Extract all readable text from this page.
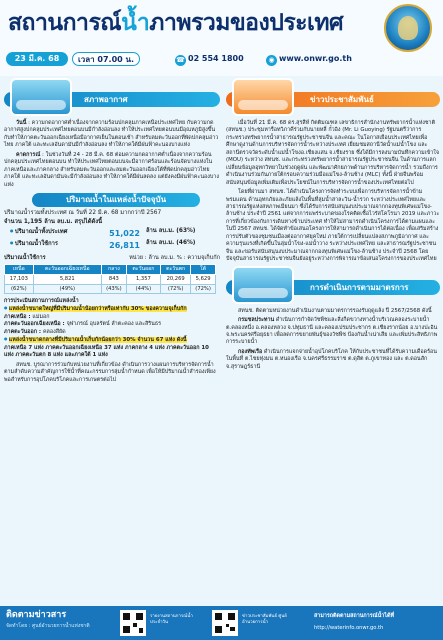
สถานการณ์น้ำภาพรวมของประเทศ
23 มี.ค. 68	เวลา 07.00 น.	☎ 02 554 1800	◉ www.onwr.go.th
สภาพอากาศ

วันนี้ : ความกดอากาศต่ำเนื่องจากความร้อนปกคลุมภาคเหนือประเทศไทย กับความกดอากาศสูงปกคลุมประเทศไทยตอนบนมีกำลังอ่อนลง ทำให้ประเทศไทยตอนบนมีอุณหภูมิสูงขึ้น กับทำให้ภาคตะวันออกเฉียงเหนือมีอากาศเย็นในตอนเช้า สำหรับลมตะวันออกที่พัดปกคลุมอ่าวไทย ภาคใต้ และทะเลอันดามันมีกำลังอ่อนลง ทำให้ภาคใต้มีฝนฟ้าคะนองบางแห่ง

คาดการณ์ : ในช่วงวันที่ 24 - 28 มี.ค. 68 ต่อมความกดอากาศต่ำเนื่องจากความร้อนปกคลุมประเทศไทยตอนบน ทำให้ประเทศไทยตอนบนจะมีอากาศร้อนและร้อนจัดบางแห่งในภาคเหนือและภาคกลาง สำหรับลมตะวันออกและลมตะวันออกเฉียงใต้ที่พัดปกคลุมอ่าวไทย ภาคใต้ และทะเลอันดามันจะมีกำลังอ่อนลง ทำให้ภาคใต้มีฝนลดลง แต่ยังคงมีฝนฟ้าคะนองบางแห่ง

ปริมาณน้ำในแหล่งน้ำปัจจุบัน
ปริมาณน้ำรวมทั้งประเทศ ณ วันที่ 22 มี.ค. 68 มากกว่าปี 2567
จำนวน 1,195 ล้าน ลบ.ม. สรุปได้ดังนี้
● ปริมาณน้ำทั้งประเทศ	51,022	ล้าน ลบ.ม. (63%)
● ปริมาณน้ำใช้การ	26,811	ล้าน ลบ.ม. (46%)
ปริมาณน้ำใช้การ	หน่วย : ล้าน ลบ.ม. % : ความจุเก็บกัก
เหนือ	ตะวันออกเฉียงเหนือ	กลาง	ตะวันออก	ตะวันตก	ใต้
17,103	5,821	843	1,357	20,269	5,629
(62%)	(49%)	(43%)	(44%)	(72%)	(72%)
การประเมินสถานการณ์แหล่งน้ำ
● แหล่งน้ำขนาดใหญ่ที่มีปริมาณน้ำน้อยกว่าหรือเท่ากับ 30% ของความจุเก็บกัก
ภาคเหนือ : แม่มอก
ภาคตะวันออกเฉียงเหนือ : จุฬาภรณ์ อุบลรัตน์ ลำตะคอง และสิรินธร
ภาคตะวันออก : คลองสียัด
● แหล่งน้ำขนาดกลางที่มีปริมาณน้ำเก็บกักน้อยกว่า 30% จำนวน 67 แห่ง ดังนี้
ภาคเหนือ 7 แห่ง ภาคตะวันออกเฉียงเหนือ 37 แห่ง ภาคกลาง 4 แห่ง ภาคตะวันออก 10 แห่ง ภาคตะวันตก 8 แห่ง และภาคใต้ 1 แห่ง

สทนช. บูรณาการร่วมกับหน่วยงานที่เกี่ยวข้อง ดำเนินการวางแผนการบริหารจัดการน้ำตามลำดับความสำคัญการใช้น้ำที่คณะกรรมการลุ่มน้ำกำหนด เพื่อให้มีปริมาณน้ำสำรองเพียงพอสำหรับการอุปโภคบริโภคและการเกษตรต่อไป

ข่าวประชาสัมพันธ์

เมื่อวันที่ 21 มี.ค. 68 ดร.สุรสีห์ กิตติมณฑล เลขาธิการสำนักงานทรัพยากรน้ำแห่งชาติ (สทนช.) ประชุมหารือทวิภาคีร่วมกับนายหลี่ กั๋วอิง (Mr. Li Guoying) รัฐมนตรีว่าการกระทรวงทรัพยากรน้ำสาธารณรัฐประชาชนจีน และคณะ ในโอกาสเยือนประเทศไทยเพื่อศึกษาดูงานด้านการบริหารจัดการน้ำระหว่างประเทศ เยี่ยมชมสถานีวัดน้ำแม่น้ำโขง และสถานีตรวจวัดระดับน้ำแม่น้ำโขงอ.เชียงแสน จ.เชียงราย ซึ่งได้มีการลงนามบันทึกความเข้าใจ (MOU) ระหว่าง สทนช. และกระทรวงทรัพยากรน้ำสาธารณรัฐประชาชนจีน ในด้านการแลกเปลี่ยนข้อมูลอุทกวิทยาในช่วงฤดูฝน และพัฒนาศักยภาพด้านการบริหารจัดการน้ำ รวมถึงการดำเนินงานร่วมกันภายใต้กรอบความร่วมมือแม่โขง-ล้านช้าง (MLC) ทั้งนี้ ฝ่ายจีนพร้อมสนับสนุนข้อมูลเพิ่มเติมเพื่อประโยชน์ในการบริหารจัดการน้ำของประเทศไทยต่อไป

โดยที่ผ่านมา สทนช. ได้ดำเนินโครงการจัดทำระบบเพื่อการบริหารจัดการน้ำข้ามพรมแดน ด้านอุทกภัยและภัยแล้งในพื้นที่ลุ่มน้ำสาละวิน-น้ำรวก ระหว่างประเทศไทยและสาธารณรัฐแห่งสหภาพเมียนมา ซึ่งได้รับการสนับสนุนงบประมาณจากกองทุนพิเศษแม่โขง-ล้านช้าง ประจำปี 2561 แต่จากการแพร่ระบาดของโรคติดเชื้อไวรัสโคโรนา 2019 และภาวะการที่เกี่ยวข้องกับการเดินทางข้ามประเทศ ทำให้ไม่สามารถดำเนินโครงการได้ตามแผนและในปี 2567 สทนช. ได้จัดทำข้อเสนอโครงการให้สามารถดำเนินการได้ต่อเนื่อง เพื่อเสริมสร้างการปรับตัวของชุมชนเมืองต่ออากาศยุคใหม่ ภายใต้การเปลี่ยนแปลงสภาพภูมิอากาศ และความรุนแรงที่เกิดขึ้นในลุ่มน้ำโขง-แม่น้ำวาง ระหว่างประเทศไทย และสาธารณรัฐประชาชนจีน และขอรับสนับสนุนงบประมาณจากกองทุนพิเศษแม่โขง-ล้านช้าง ประจำปี 2568 โดยปัจจุบันสาธารณรัฐประชาชนจีนยังอยู่ระหว่างการพิจารณาข้อเสนอโครงการของประเทศไทย

การดำเนินการตามมาตรการ

สทนช. ติดตามหน่วยงานดำเนินงานตามมาตรการรองรับฤดูแล้ง ปี 2567/2568 ดังนี้

กรมชลประทาน ดำเนินการกำจัดวัชพืชและสิ่งกีดขวางทางน้ำบริเวณคลองระบายน้ำ ต.คลองหนึ่ง อ.คลองหลวง จ.ปทุมธานี และคลองเปรมประชากร ต.เชียงรากน้อย อ.บางปะอิน จ.พระนครศรีอยุธยา เพื่อลดการขยายพันธุ์ของวัชพืช ป้องกันน้ำเน่าเสีย และเพิ่มประสิทธิภาพการระบายน้ำ

กองทัพเรือ ดำเนินการแจกจ่ายน้ำอุปโภคบริโภค ให้กับประชาชนที่ได้รับความเดือดร้อนในพื้นที่ ต.ไชยทุ่งมน ต.หนองเรือ จ.นครศรีธรรมราช ต.ดุสิต ต.ภูเขาทอง และ ต.ดอนสัก จ.สุราษฎร์ธานี

ติดตามข่าวสาร
จัดทำโดย : ศูนย์อำนวยการน้ำแห่งชาติ
รายงานสถานการณ์น้ำ ประจำวัน
ข่าวประชาสัมพันธ์ ศูนย์อำนวยการน้ำ
สามารถติดตามสถานการณ์น้ำได้ที่
http://waterinfo.onwr.go.th
